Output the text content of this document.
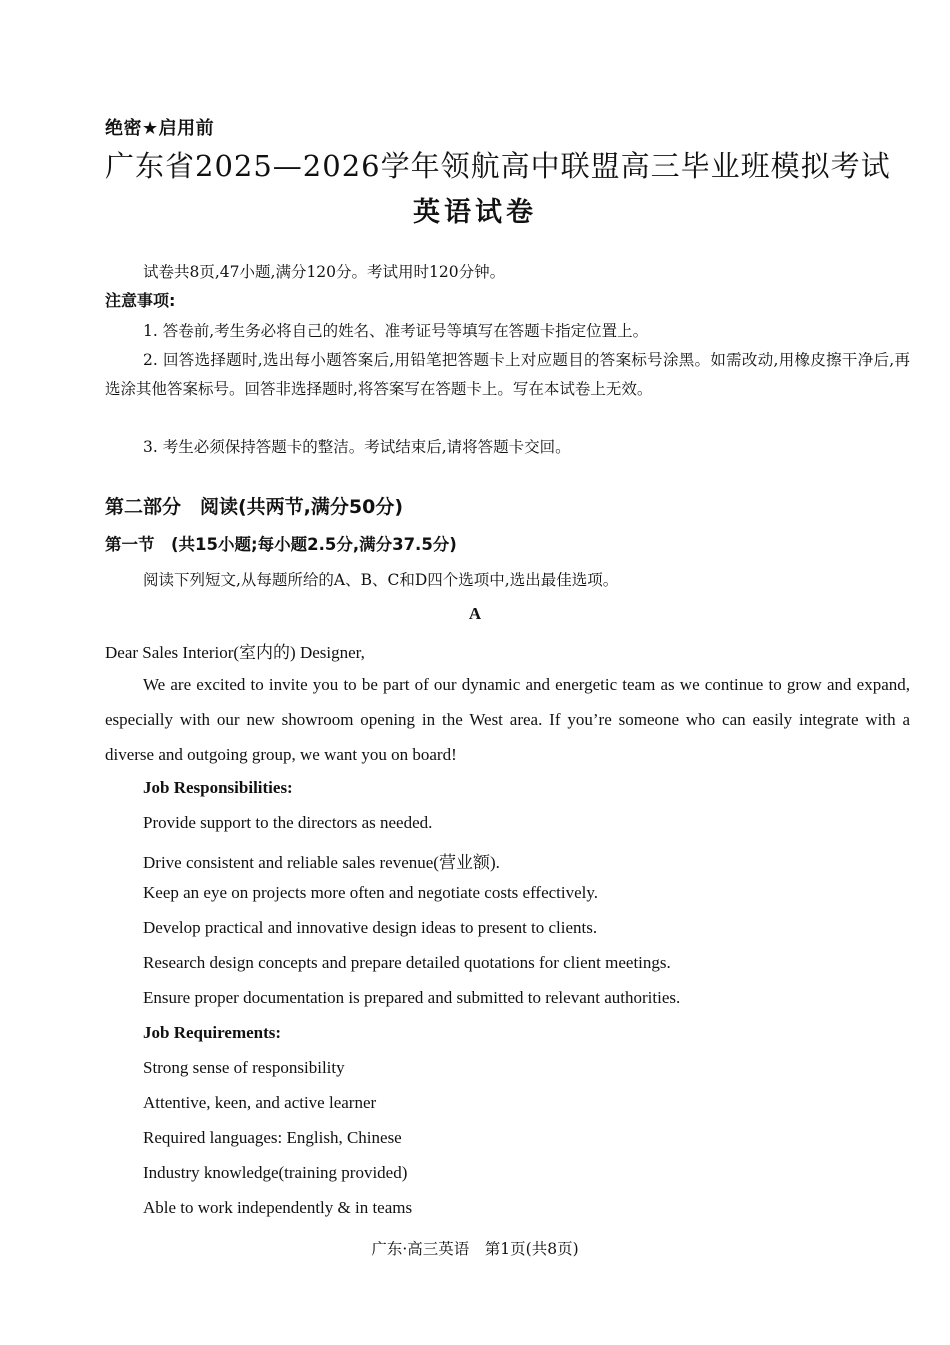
绝密★启用前
广东省2025—2026学年领航高中联盟高三毕业班模拟考试
英语试卷
试卷共8页,47小题,满分120分。考试用时120分钟。
注意事项:
1. 答卷前,考生务必将自己的姓名、准考证号等填写在答题卡指定位置上。
2. 回答选择题时,选出每小题答案后,用铅笔把答题卡上对应题目的答案标号涂黑。如需改动,用橡皮擦干净后,再选涂其他答案标号。回答非选择题时,将答案写在答题卡上。写在本试卷上无效。
3. 考生必须保持答题卡的整洁。考试结束后,请将答题卡交回。
第二部分　阅读(共两节,满分50分)
第一节　(共15小题;每小题2.5分,满分37.5分)
阅读下列短文,从每题所给的A、B、C和D四个选项中,选出最佳选项。
A
Dear Sales Interior(室内的) Designer,
We are excited to invite you to be part of our dynamic and energetic team as we continue to grow and expand, especially with our new showroom opening in the West area. If you’re someone who can easily integrate with a diverse and outgoing group, we want you on board!
Job Responsibilities:
Provide support to the directors as needed.
Drive consistent and reliable sales revenue(营业额).
Keep an eye on projects more often and negotiate costs effectively.
Develop practical and innovative design ideas to present to clients.
Research design concepts and prepare detailed quotations for client meetings.
Ensure proper documentation is prepared and submitted to relevant authorities.
Job Requirements:
Strong sense of responsibility
Attentive, keen, and active learner
Required languages: English, Chinese
Industry knowledge(training provided)
Able to work independently & in teams
广东·高三英语　第1页(共8页)
